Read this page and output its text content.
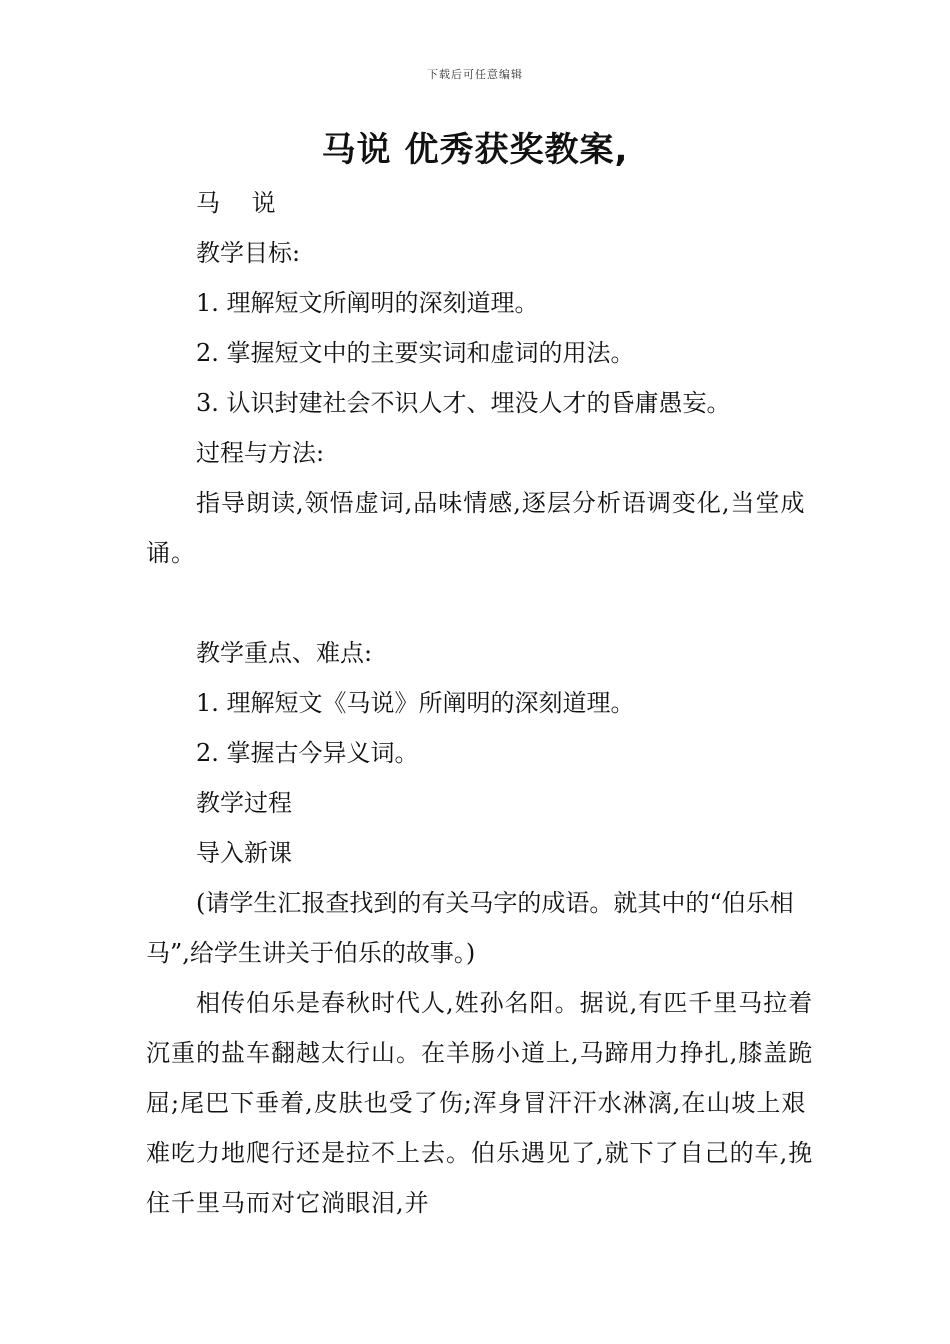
下载后可任意编辑
马说 优秀获奖教案,

马 说

教学目标:

1. 理解短文所阐明的深刻道理。

2. 掌握短文中的主要实词和虚词的用法。

3. 认识封建社会不识人才、埋没人才的昏庸愚妄。

过程与方法:

指导朗读,领悟虚词,品味情感,逐层分析语调变化,当堂成诵。

教学重点、难点:

1. 理解短文《马说》所阐明的深刻道理。

2. 掌握古今异义词。

教学过程

导入新课

(请学生汇报查找到的有关马字的成语。就其中的“伯乐相马”,给学生讲关于伯乐的故事。)

相传伯乐是春秋时代人,姓孙名阳。据说,有匹千里马拉着沉重的盐车翻越太行山。在羊肠小道上,马蹄用力挣扎,膝盖跪屈;尾巴下垂着,皮肤也受了伤;浑身冒汗汗水淋漓,在山坡上艰难吃力地爬行还是拉不上去。伯乐遇见了,就下了自己的车,挽住千里马而对它淌眼泪,并
